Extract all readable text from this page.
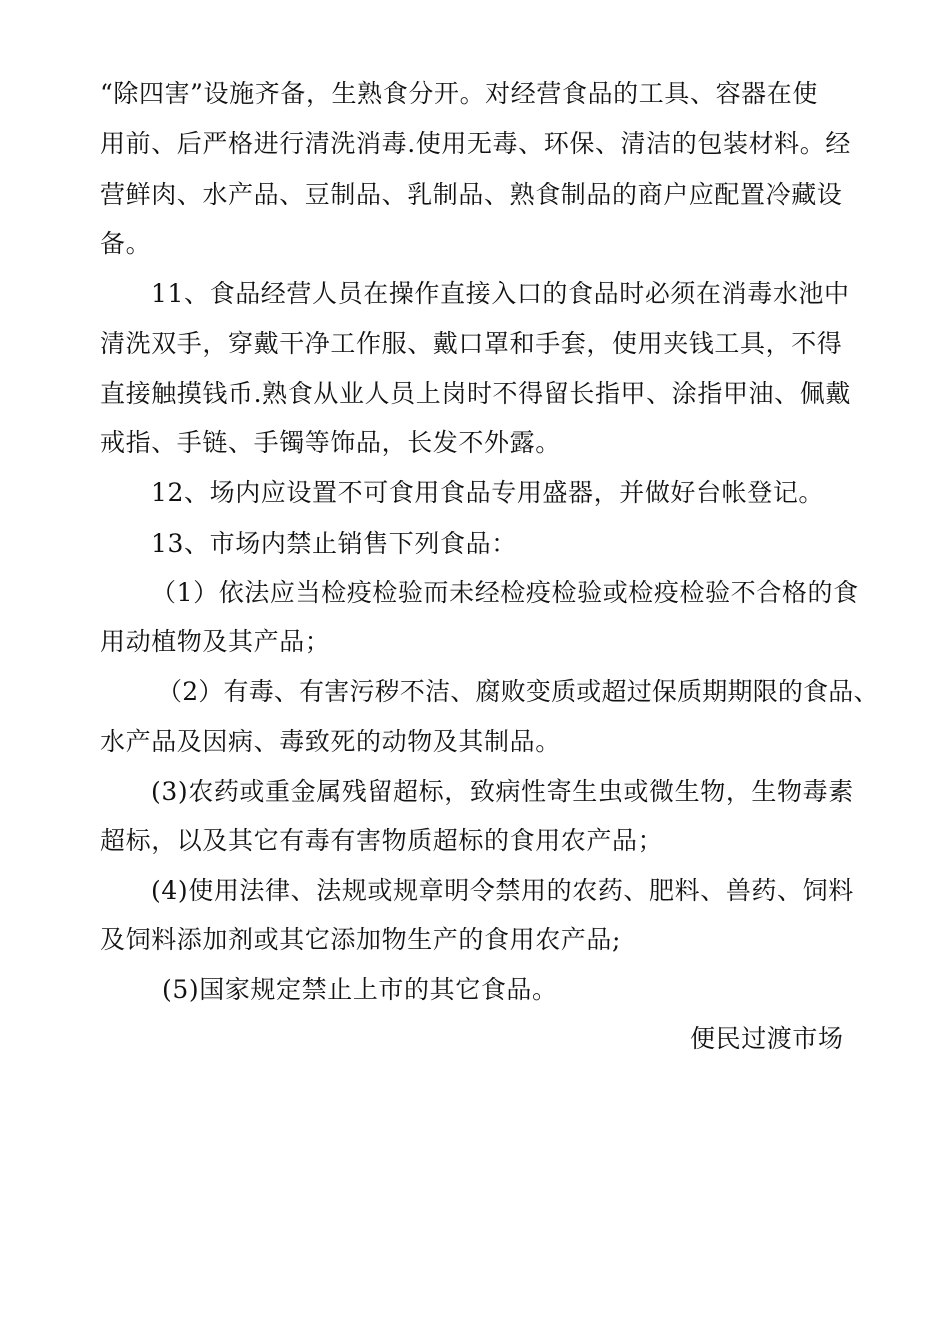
“除四害”设施齐备，生熟食分开。对经营食品的工具、容器在使
用前、后严格进行清洗消毒.使用无毒、环保、清洁的包装材料。经
营鲜肉、水产品、豆制品、乳制品、熟食制品的商户应配置冷藏设
备。
11、食品经营人员在操作直接入口的食品时必须在消毒水池中
清洗双手，穿戴干净工作服、戴口罩和手套，使用夹钱工具，不得
直接触摸钱币.熟食从业人员上岗时不得留长指甲、涂指甲油、佩戴
戒指、手链、手镯等饰品，长发不外露。
12、场内应设置不可食用食品专用盛器，并做好台帐登记。
13、市场内禁止销售下列食品：
（1）依法应当检疫检验而未经检疫检验或检疫检验不合格的食
用动植物及其产品；
（2）有毒、有害污秽不洁、腐败变质或超过保质期期限的食品、
水产品及因病、毒致死的动物及其制品。
(3)农药或重金属残留超标，致病性寄生虫或微生物，生物毒素
超标，以及其它有毒有害物质超标的食用农产品；
(4)使用法律、法规或规章明令禁用的农药、肥料、兽药、饲料
及饲料添加剂或其它添加物生产的食用农产品;
(5)国家规定禁止上市的其它食品。
便民过渡市场
